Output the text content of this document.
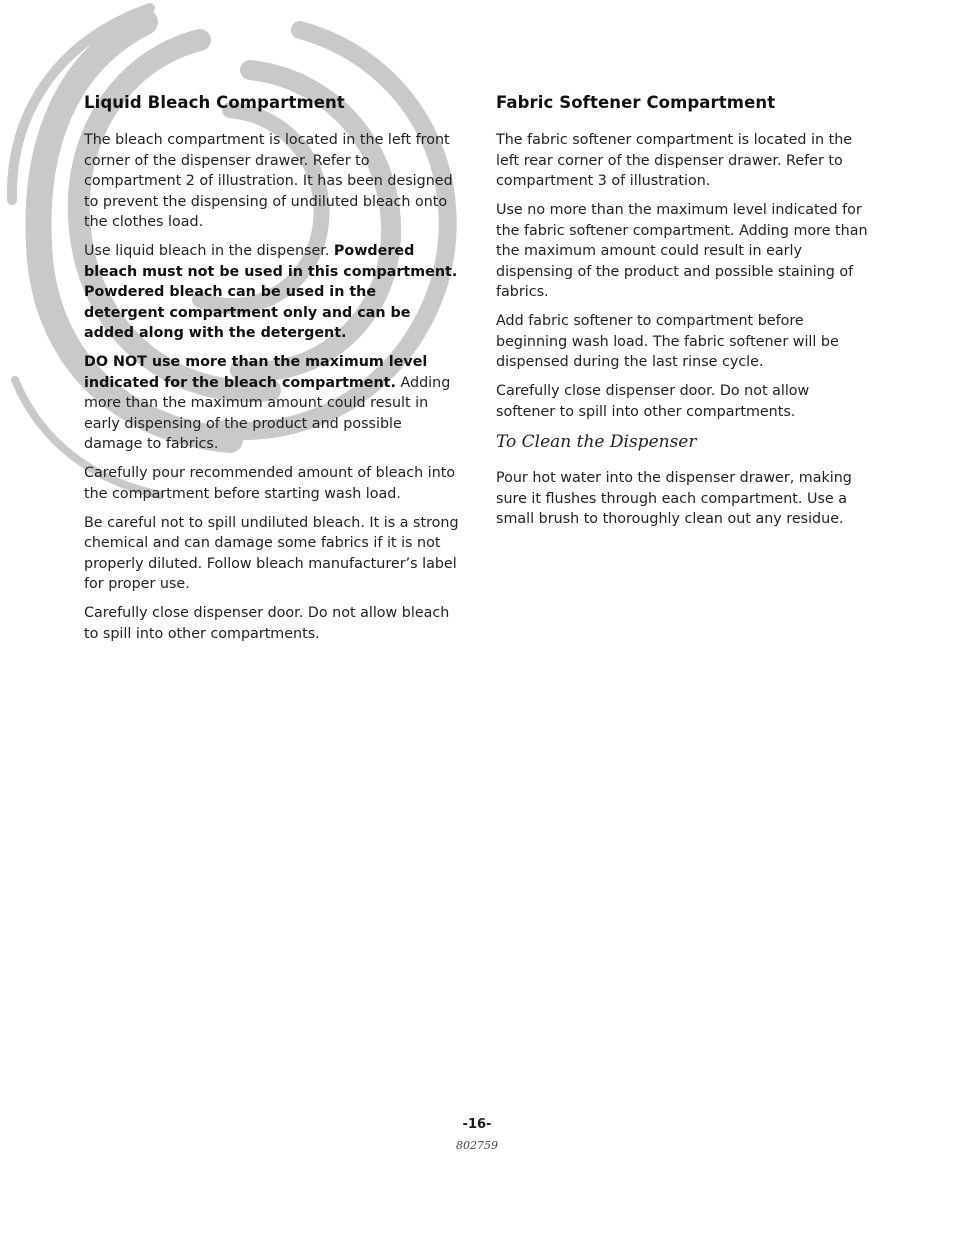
Liquid Bleach Compartment

The bleach compartment is located in the left front corner of the dispenser drawer. Refer to compartment 2 of illustration. It has been designed to prevent the dispensing of undiluted bleach onto the clothes load.

Use liquid bleach in the dispenser. Powdered bleach must not be used in this compartment. Powdered bleach can be used in the detergent compartment only and can be added along with the detergent.

DO NOT use more than the maximum level indicated for the bleach compartment. Adding more than the maximum amount could result in early dispensing of the product and possible damage to fabrics.

Carefully pour recommended amount of bleach into the compartment before starting wash load.

Be careful not to spill undiluted bleach. It is a strong chemical and can damage some fabrics if it is not properly diluted. Follow bleach manufacturer’s label for proper use.

Carefully close dispenser door. Do not allow bleach to spill into other compartments.

Fabric Softener Compartment

The fabric softener compartment is located in the left rear corner of the dispenser drawer. Refer to compartment 3 of illustration.

Use no more than the maximum level indicated for the fabric softener compartment. Adding more than the maximum amount could result in early dispensing of the product and possible staining of fabrics.

Add fabric softener to compartment before beginning wash load. The fabric softener will be dispensed during the last rinse cycle.

Carefully close dispenser door. Do not allow softener to spill into other compartments.

To Clean the Dispenser

Pour hot water into the dispenser drawer, making sure it flushes through each compartment. Use a small brush to thoroughly clean out any residue.

-16-
802759
